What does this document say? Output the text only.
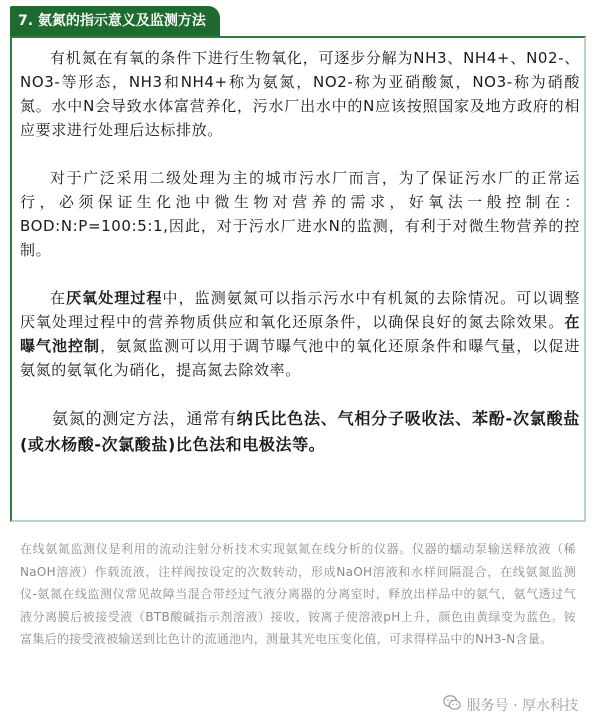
7. 氨氮的指示意义及监测方法

有机氮在有氧的条件下进行生物氧化，可逐步分解为NH3、NH4+、N02-、NO3-等形态，NH3和NH4+称为氨氮，NO2-称为亚硝酸氮，NO3-称为硝酸氮。水中N会导致水体富营养化，污水厂出水中的N应该按照国家及地方政府的相应要求进行处理后达标排放。

对于广泛采用二级处理为主的城市污水厂而言，为了保证污水厂的正常运行，必须保证生化池中微生物对营养的需求，好氧法一般控制在：BOD:N:P=100:5:1,因此，对于污水厂进水N的监测，有利于对微生物营养的控制。

在厌氧处理过程中，监测氨氮可以指示污水中有机氮的去除情况。可以调整厌氧处理过程中的营养物质供应和氧化还原条件，以确保良好的氮去除效果。在曝气池控制，氨氮监测可以用于调节曝气池中的氧化还原条件和曝气量，以促进氨氮的氨氧化为硝化，提高氮去除效率。

氨氮的测定方法，通常有纳氏比色法、气相分子吸收法、苯酚-次氯酸盐(或水杨酸-次氯酸盐)比色法和电极法等。

在线氨氮监测仪是利用的流动注射分析技术实现氨氮在线分析的仪器。仪器的蠕动泵输送释放液（稀NaOH溶液）作载流液，注样阀按设定的次数转动，形成NaOH溶液和水样间隔混合，在线氨氮监测仪-氨氮在线监测仪常见故障当混合带经过气液分离器的分离室时，释放出样品中的氨气，氨气透过气液分离膜后被接受液（BTB酸碱指示剂溶液）接收，铵离子使溶液pH上升，颜色由黄绿变为蓝色。铵富集后的接受液被输送到比色计的流通池内，测量其光电压变化值，可求得样品中的NH3-N含量。

服务号 · 厚水科技
